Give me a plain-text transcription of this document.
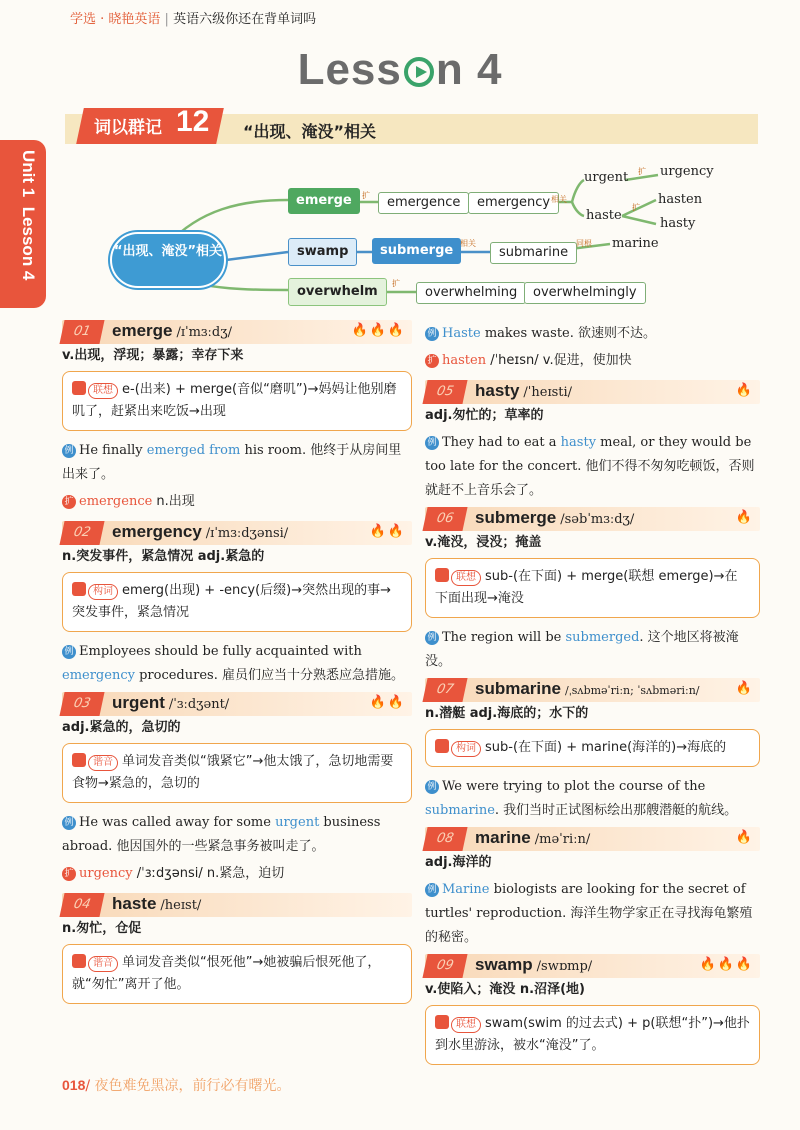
学选 · 晓艳英语 | 英语六级你还在背单词吗
Less n 4
词以群记 12 “出现、淹没”相关
Unit 1  Lesson 4	“出现、淹没”相关
emerge	扩	emergence	emergency 相关
urgent 扩 urgency
haste
扩
hasten
hasty
swamp	submerge 相关
submarine
同根 marine
overwhelm
扩
overwhelming	overwhelmingly
01	emerge /ɪˈmɜːdʒ/	🔥🔥🔥
v.出现，浮现；暴露；幸存下来
联想 e-(出来) + merge(音似“磨叽”)→妈妈让他别磨叽了，赶紧出来吃饭→出现
例 He finally emerged from his room. 他终于从房间里出来了。
扩 emergence n.出现
02	emergency /ɪˈmɜːdʒənsi/	🔥🔥
n.突发事件，紧急情况 adj.紧急的
构词 emerg(出现) + -ency(后缀)→突然出现的事→突发事件，紧急情况
例 Employees should be fully acquainted with emergency procedures. 雇员们应当十分熟悉应急措施。
03	urgent /ˈɜːdʒənt/	🔥🔥
adj.紧急的，急切的
谐音 单词发音类似“饿紧它”→他太饿了，急切地需要食物→紧急的，急切的
例 He was called away for some urgent business abroad. 他因国外的一些紧急事务被叫走了。
扩 urgency /ˈɜːdʒənsi/ n.紧急，迫切
04	haste /heɪst/
n.匆忙，仓促
谐音 单词发音类似“恨死他”→她被骗后恨死他了，就“匆忙”离开了他。
例 Haste makes waste. 欲速则不达。
扩 hasten /ˈheɪsn/ v.促进，使加快
05	hasty /ˈheɪsti/	🔥
adj.匆忙的；草率的
例 They had to eat a hasty meal, or they would be too late for the concert. 他们不得不匆匆吃顿饭，否则就赶不上音乐会了。
06	submerge /səbˈmɜːdʒ/	🔥
v.淹没，浸没；掩盖
联想 sub-(在下面) + merge(联想 emerge)→在下面出现→淹没
例 The region will be submerged. 这个地区将被淹没。
07	submarine /ˌsʌbməˈriːn; ˈsʌbməriːn/	🔥
n.潜艇 adj.海底的；水下的
构词 sub-(在下面) + marine(海洋的)→海底的
例 We were trying to plot the course of the submarine. 我们当时正试图标绘出那艘潜艇的航线。
08	marine /məˈriːn/	🔥
adj.海洋的
例 Marine biologists are looking for the secret of turtles' reproduction. 海洋生物学家正在寻找海龟繁殖的秘密。
09	swamp /swɒmp/	🔥🔥🔥
v.使陷入；淹没 n.沼泽(地)
联想 swam(swim 的过去式) + p(联想“扑”)→他扑到水里游泳，被水“淹没”了。
018/ 夜色难免黑凉，前行必有曙光。
